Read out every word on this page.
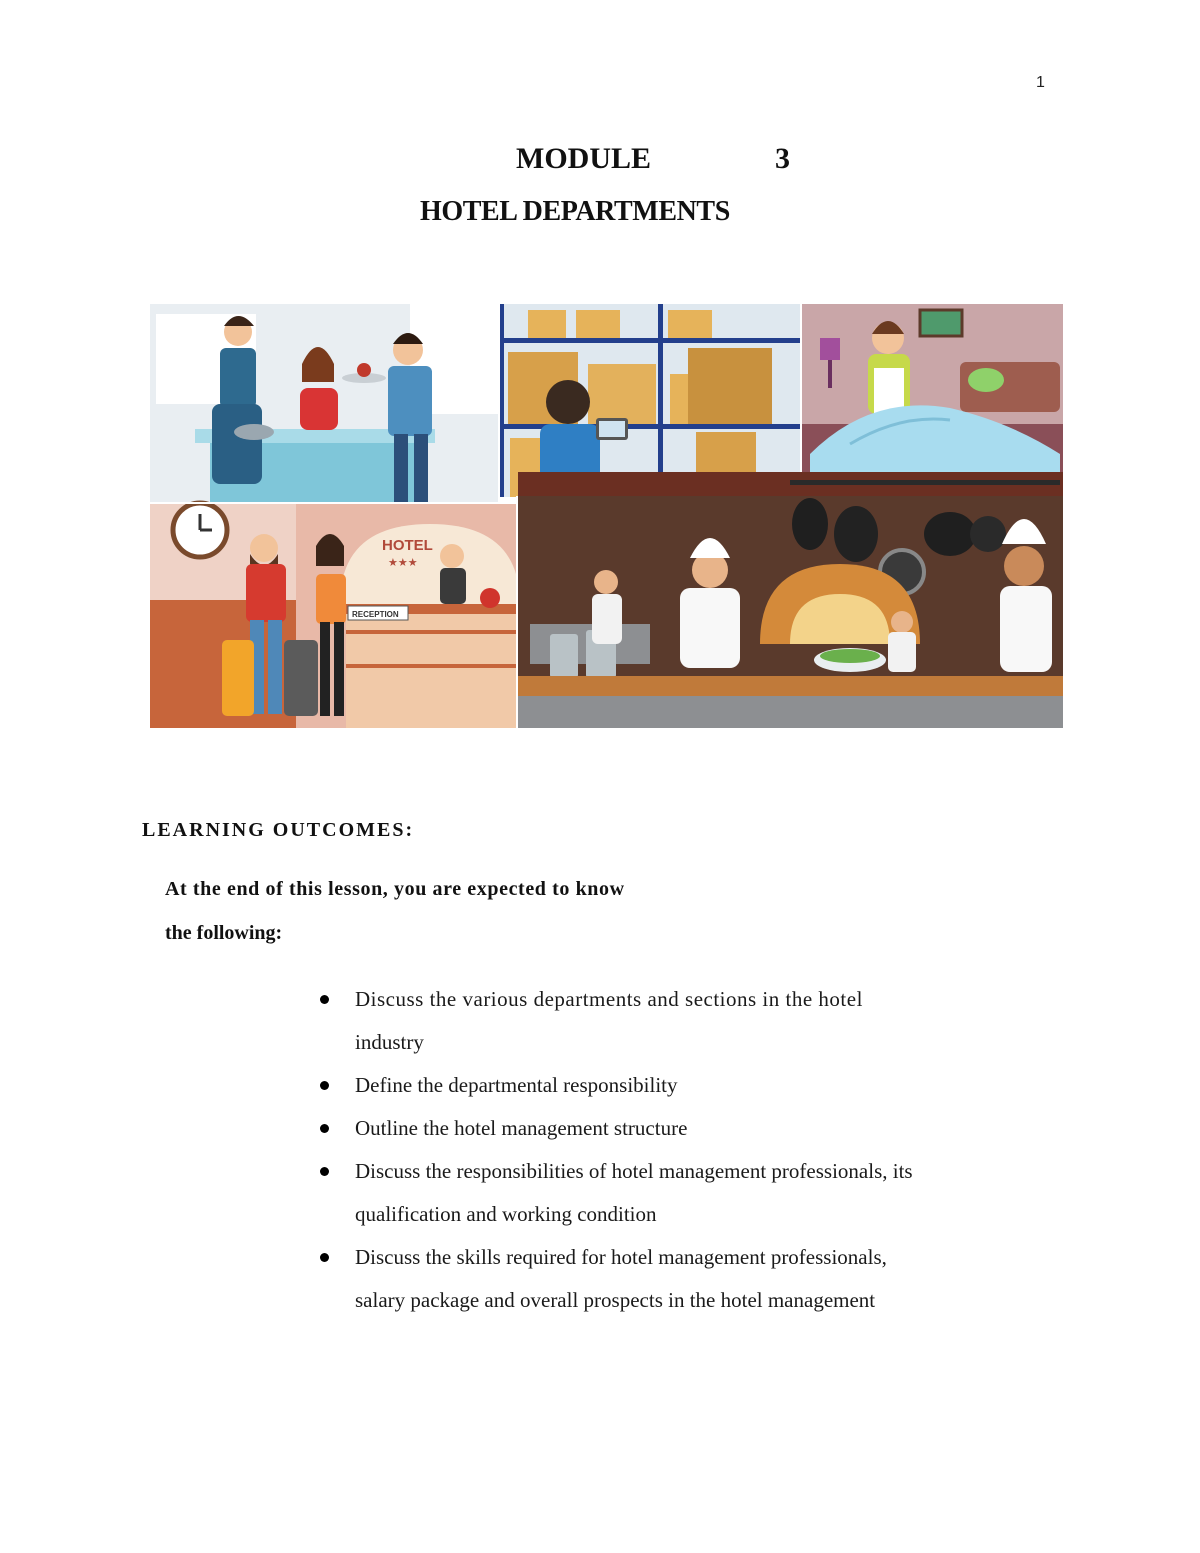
1
MODULE	3
HOTEL DEPARTMENTS
HOTEL
★★★
RECEPTION
LEARNING OUTCOMES:
At the end of this lesson, you are expected to know
the following:
Discuss the various departments and sections in the hotel
industry
Define the departmental responsibility
Outline the hotel management structure
Discuss the responsibilities of hotel management professionals, its
qualification and working condition
Discuss the skills required for hotel management professionals,
salary package and overall prospects in the hotel management
